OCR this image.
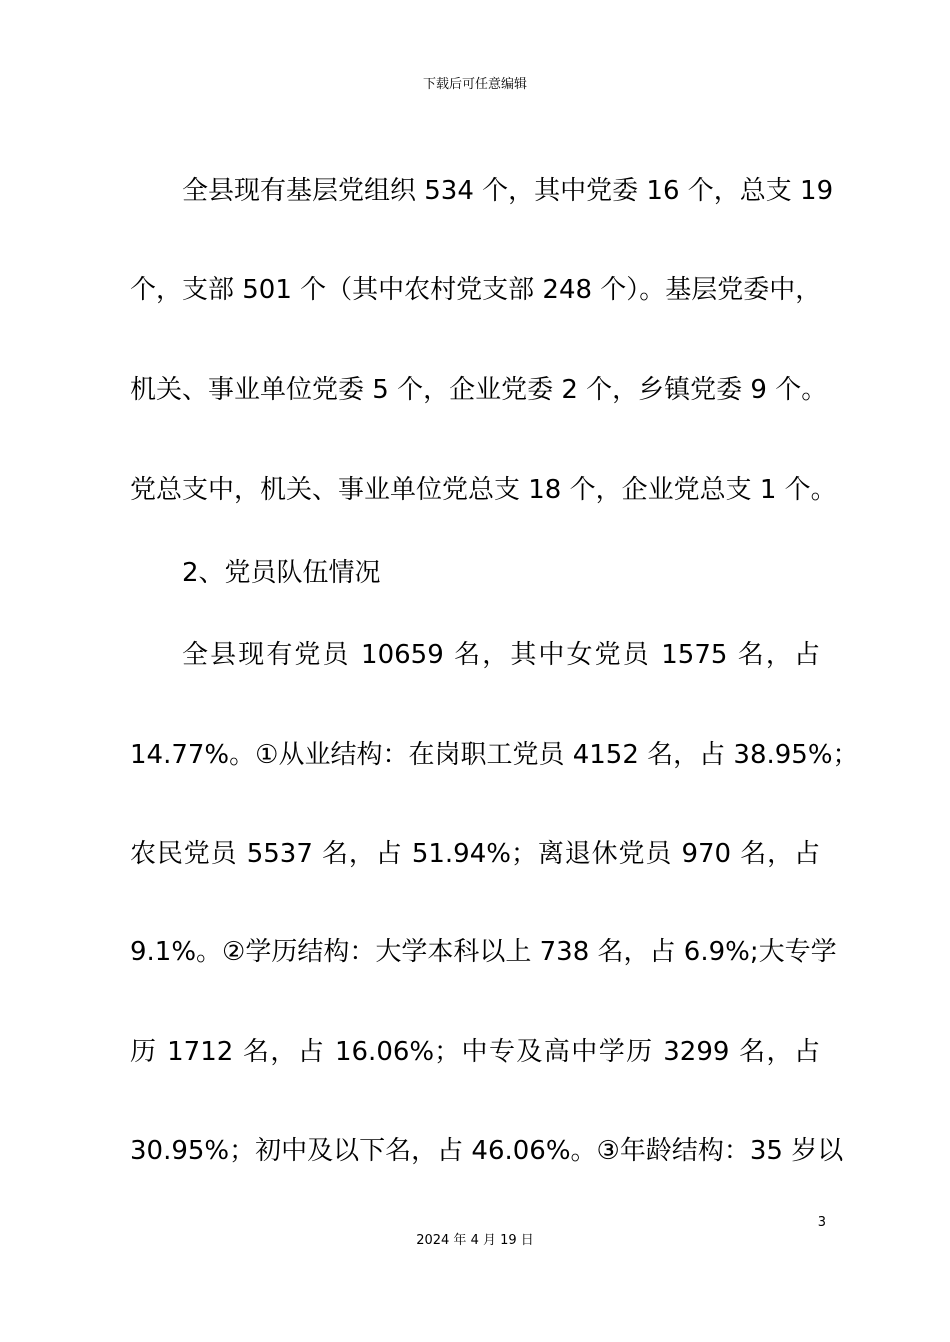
下载后可任意编辑
全县现有基层党组织 534 个，其中党委 16 个，总支 19
个，支部 501 个（其中农村党支部 248 个）。基层党委中，
机关、事业单位党委 5 个，企业党委 2 个，乡镇党委 9 个。
党总支中，机关、事业单位党总支 18 个，企业党总支 1 个。
2、党员队伍情况
全县现有党员 10659 名，其中女党员 1575 名，占
14.77%。①从业结构：在岗职工党员 4152 名，占 38.95%；
农民党员 5537 名，占 51.94%；离退休党员 970 名，占
9.1%。②学历结构：大学本科以上 738 名，占 6.9%;大专学
历 1712 名，占 16.06%；中专及高中学历 3299 名，占
30.95%；初中及以下名，占 46.06%。③年龄结构：35 岁以
3
2024 年 4 月 19 日
